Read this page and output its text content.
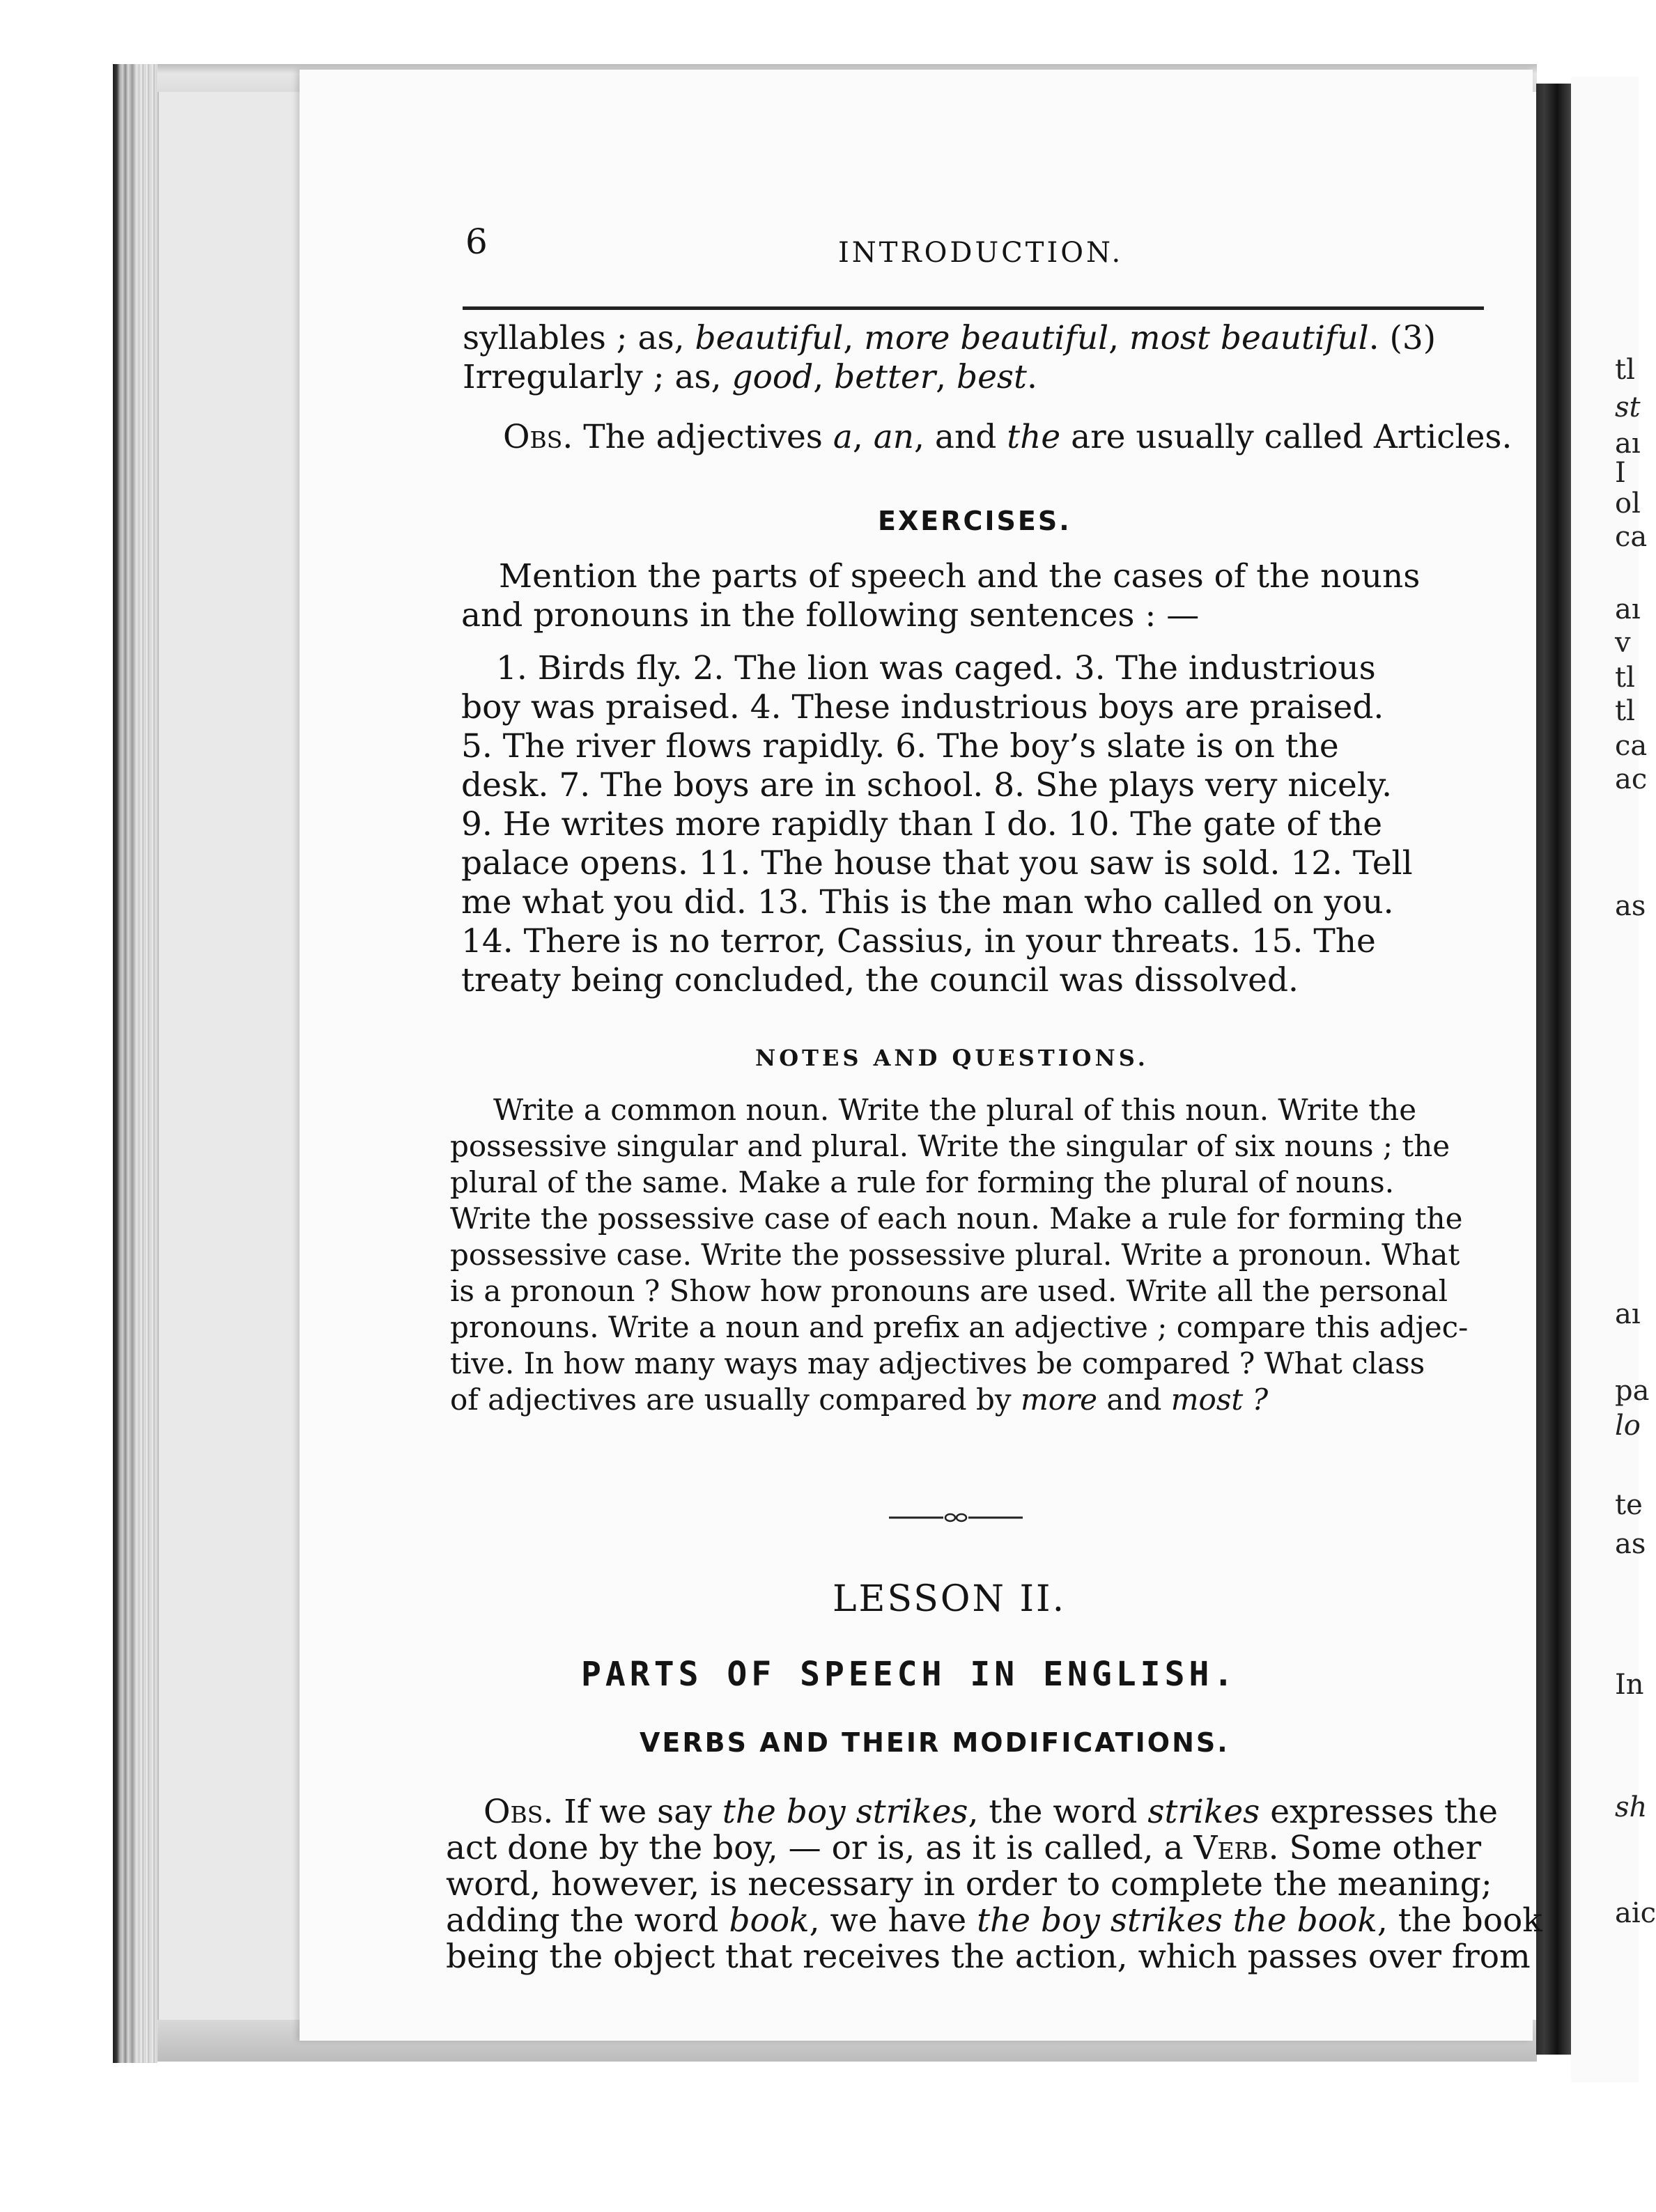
tl
st
aı
I
ol
ca
aı
v
tl
tl
ca
ac
as
aı
pa
lo
te
as
In
sh
aic
6	INTRODUCTION.
syllables ; as, beautiful, more beautiful, most beautiful. (3)
Irregularly ; as, good, better, best.
Obs. The adjectives a, an, and the are usually called Articles.
EXERCISES.
Mention the parts of speech and the cases of the nouns
and pronouns in the following sentences : —
1. Birds fly. 2. The lion was caged. 3. The industrious
boy was praised. 4. These industrious boys are praised.
5. The river flows rapidly. 6. The boy’s slate is on the
desk. 7. The boys are in school. 8. She plays very nicely.
9. He writes more rapidly than I do. 10. The gate of the
palace opens. 11. The house that you saw is sold. 12. Tell
me what you did. 13. This is the man who called on you.
14. There is no terror, Cassius, in your threats. 15. The
treaty being concluded, the council was dissolved.
NOTES AND QUESTIONS.
Write a common noun. Write the plural of this noun. Write the
possessive singular and plural. Write the singular of six nouns ; the
plural of the same. Make a rule for forming the plural of nouns.
Write the possessive case of each noun. Make a rule for forming the
possessive case. Write the possessive plural. Write a pronoun. What
is a pronoun ? Show how pronouns are used. Write all the personal
pronouns. Write a noun and prefix an adjective ; compare this adjec-
tive. In how many ways may adjectives be compared ? What class
of adjectives are usually compared by more and most ?
LESSON II.
PARTS OF SPEECH IN ENGLISH.
VERBS AND THEIR MODIFICATIONS.
Obs. If we say the boy strikes, the word strikes expresses the
act done by the boy, — or is, as it is called, a Verb. Some other
word, however, is necessary in order to complete the meaning;
adding the word book, we have the boy strikes the book, the book
being the object that receives the action, which passes over from
